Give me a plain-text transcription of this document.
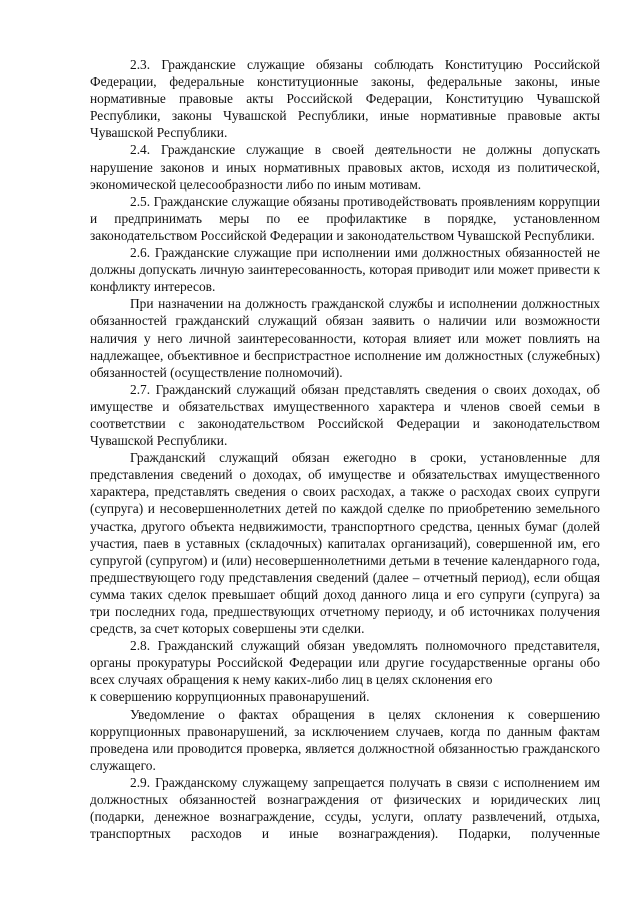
2.3. Гражданские служащие обязаны соблюдать Конституцию Российской Федерации, федеральные конституционные законы, федеральные законы, иные нормативные правовые акты Российской Федерации, Конституцию Чувашской Республики, законы Чувашской Республики, иные нормативные правовые акты Чувашской Республики.

2.4. Гражданские служащие в своей деятельности не должны допускать нарушение законов и иных нормативных правовых актов, исходя из политической, экономической целесообразности либо по иным мотивам.

2.5. Гражданские служащие обязаны противодействовать проявлениям коррупции и предпринимать меры по ее профилактике в порядке, установленном законодательством Российской Федерации и законодательством Чувашской Республики.

2.6. Гражданские служащие при исполнении ими должностных обязанностей не должны допускать личную заинтересованность, которая приводит или может привести к конфликту интересов.

При назначении на должность гражданской службы и исполнении должностных обязанностей гражданский служащий обязан заявить о наличии или возможности наличия у него личной заинтересованности, которая влияет или может повлиять на надлежащее, объективное и беспристрастное исполнение им должностных (служебных) обязанностей (осуществление полномочий).

2.7. Гражданский служащий обязан представлять сведения о своих доходах, об имуществе и обязательствах имущественного характера и членов своей семьи в соответствии с законодательством Российской Федерации и законодательством Чувашской Республики.

Гражданский служащий обязан ежегодно в сроки, установленные для представления сведений о доходах, об имуществе и обязательствах имущественного характера, представлять сведения о своих расходах, а также о расходах своих супруги (супруга) и несовершеннолетних детей по каждой сделке по приобретению земельного участка, другого объекта недвижимости, транспортного средства, ценных бумаг (долей участия, паев в уставных (складочных) капиталах организаций), совершенной им, его супругой (супругом) и (или) несовершеннолетними детьми в течение календарного года, предшествующего году представления сведений (далее – отчетный период), если общая сумма таких сделок превышает общий доход данного лица и его супруги (супруга) за три последних года, предшествующих отчетному периоду, и об источниках получения средств, за счет которых совершены эти сделки.

2.8. Гражданский служащий обязан уведомлять полномочного представителя, органы прокуратуры Российской Федерации или другие государственные органы обо всех случаях обращения к нему каких-либо лиц в целях склонения его
к совершению коррупционных правонарушений.

Уведомление о фактах обращения в целях склонения к совершению коррупционных правонарушений, за исключением случаев, когда по данным фактам проведена или проводится проверка, является должностной обязанностью гражданского служащего.

2.9. Гражданскому служащему запрещается получать в связи с исполнением им должностных обязанностей вознаграждения от физических и юридических лиц (подарки, денежное вознаграждение, ссуды, услуги, оплату развлечений, отдыха, транспортных расходов и иные вознаграждения). Подарки, полученные
